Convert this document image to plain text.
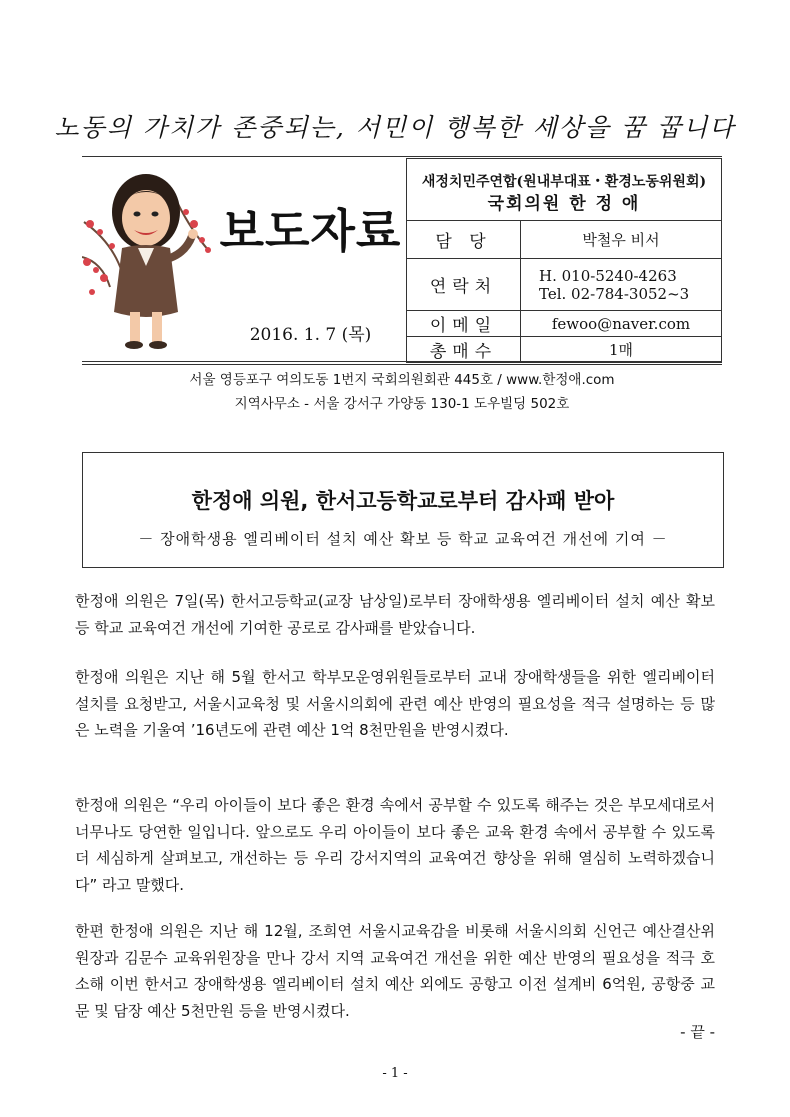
노동의 가치가 존중되는, 서민이 행복한 세상을 꿈 꿉니다
보도자료
2016. 1. 7 (목)
새정치민주연합(원내부대표・환경노동위원회)
국회의원 한 정 애	

담 당	박철우 비서
연락처	H. 010-5240-4263
Tel. 02-784-3052~3

이메일	fewoo@naver.com
총매수	1매
서울 영등포구 여의도동 1번지 국회의원회관 445호 / www.한정애.com
지역사무소 - 서울 강서구 가양동 130-1 도우빌딩 502호
한정애 의원, 한서고등학교로부터 감사패 받아
－ 장애학생용 엘리베이터 설치 예산 확보 등 학교 교육여건 개선에 기여 －
한정애 의원은 7일(목) 한서고등학교(교장 남상일)로부터 장애학생용 엘리베이터 설치 예산 확보 등 학교 교육여건 개선에 기여한 공로로 감사패를 받았습니다.
한정애 의원은 지난 해 5월 한서고 학부모운영위원들로부터 교내 장애학생들을 위한 엘리베이터 설치를 요청받고, 서울시교육청 및 서울시의회에 관련 예산 반영의 필요성을 적극 설명하는 등 많은 노력을 기울여 ’16년도에 관련 예산 1억 8천만원을 반영시켰다.
한정애 의원은 “우리 아이들이 보다 좋은 환경 속에서 공부할 수 있도록 해주는 것은 부모세대로서 너무나도 당연한 일입니다. 앞으로도 우리 아이들이 보다 좋은 교육 환경 속에서 공부할 수 있도록 더 세심하게 살펴보고, 개선하는 등 우리 강서지역의 교육여건 향상을 위해 열심히 노력하겠습니다” 라고 말했다.
한편 한정애 의원은 지난 해 12월, 조희연 서울시교육감을 비롯해 서울시의회 신언근 예산결산위원장과 김문수 교육위원장을 만나 강서 지역 교육여건 개선을 위한 예산 반영의 필요성을 적극 호소해 이번 한서고 장애학생용 엘리베이터 설치 예산 외에도 공항고 이전 설계비 6억원, 공항중 교문 및 담장 예산 5천만원 등을 반영시켰다.
- 끝 -
- 1 -
